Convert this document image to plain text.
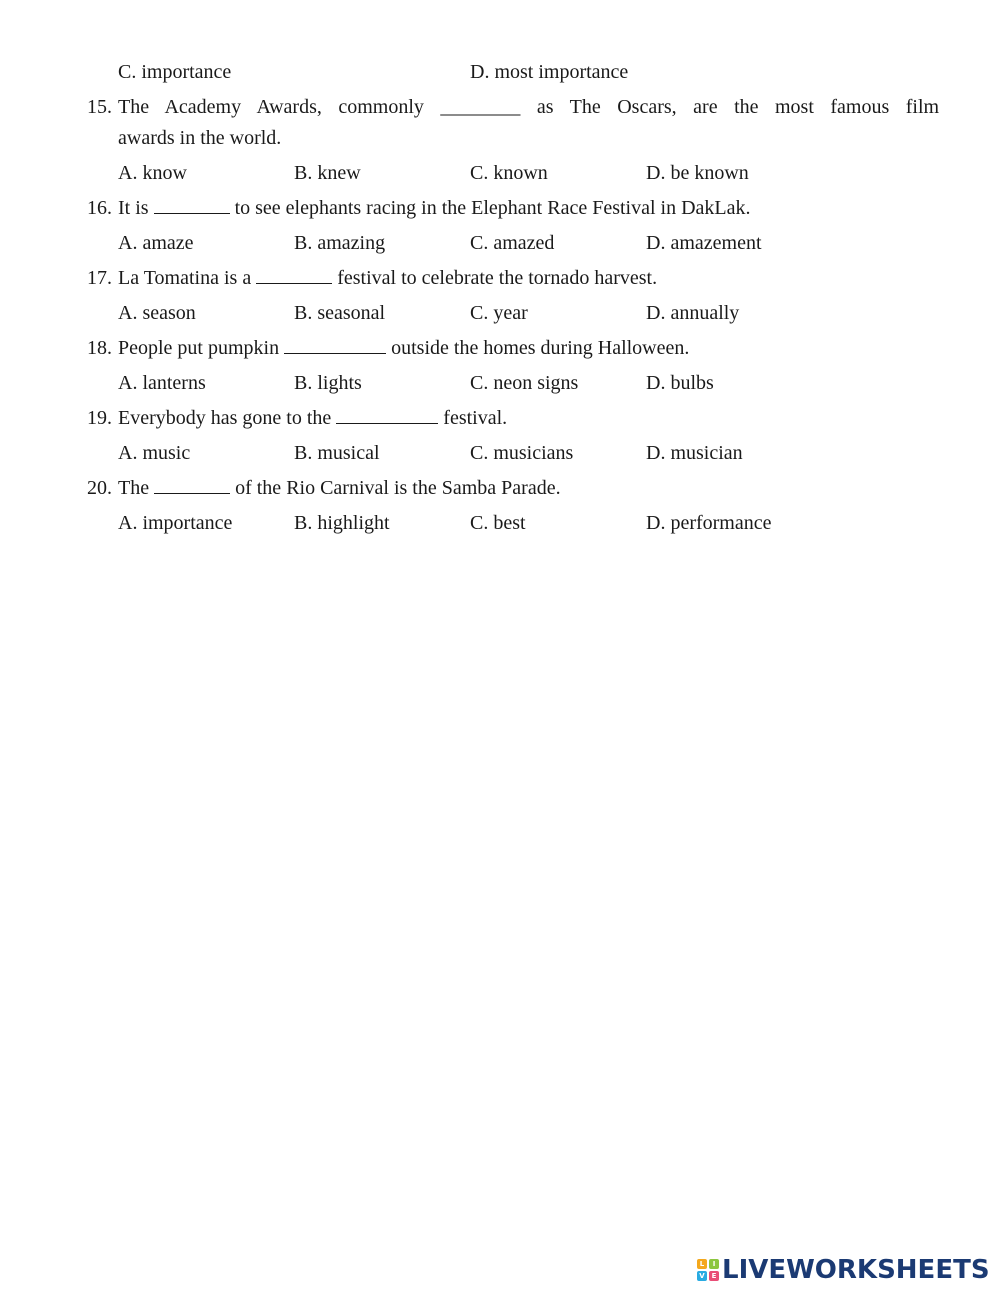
C. importance	D. most importance
15. The Academy Awards, commonly ________ as The Oscars, are the most famous film
awards in the world.
A. know	B. knew	C. known	D. be known
16. It is	to see elephants racing in the Elephant Race Festival in DakLak.
A. amaze	B. amazing	C. amazed	D. amazement
17. La Tomatina is a	festival to celebrate the tornado harvest.
A. season	B. seasonal	C. year	D. annually
18. People put pumpkin	outside the homes during Halloween.
A. lanterns	B. lights	C. neon signs	D. bulbs
19. Everybody has gone to the	festival.
A. music	B. musical	C. musicians	D. musician
20. The	of the Rio Carnival is the Samba Parade.
A. importance	B. highlight	C. best	D. performance
L	I
V E LIVEWORKSHEETS
